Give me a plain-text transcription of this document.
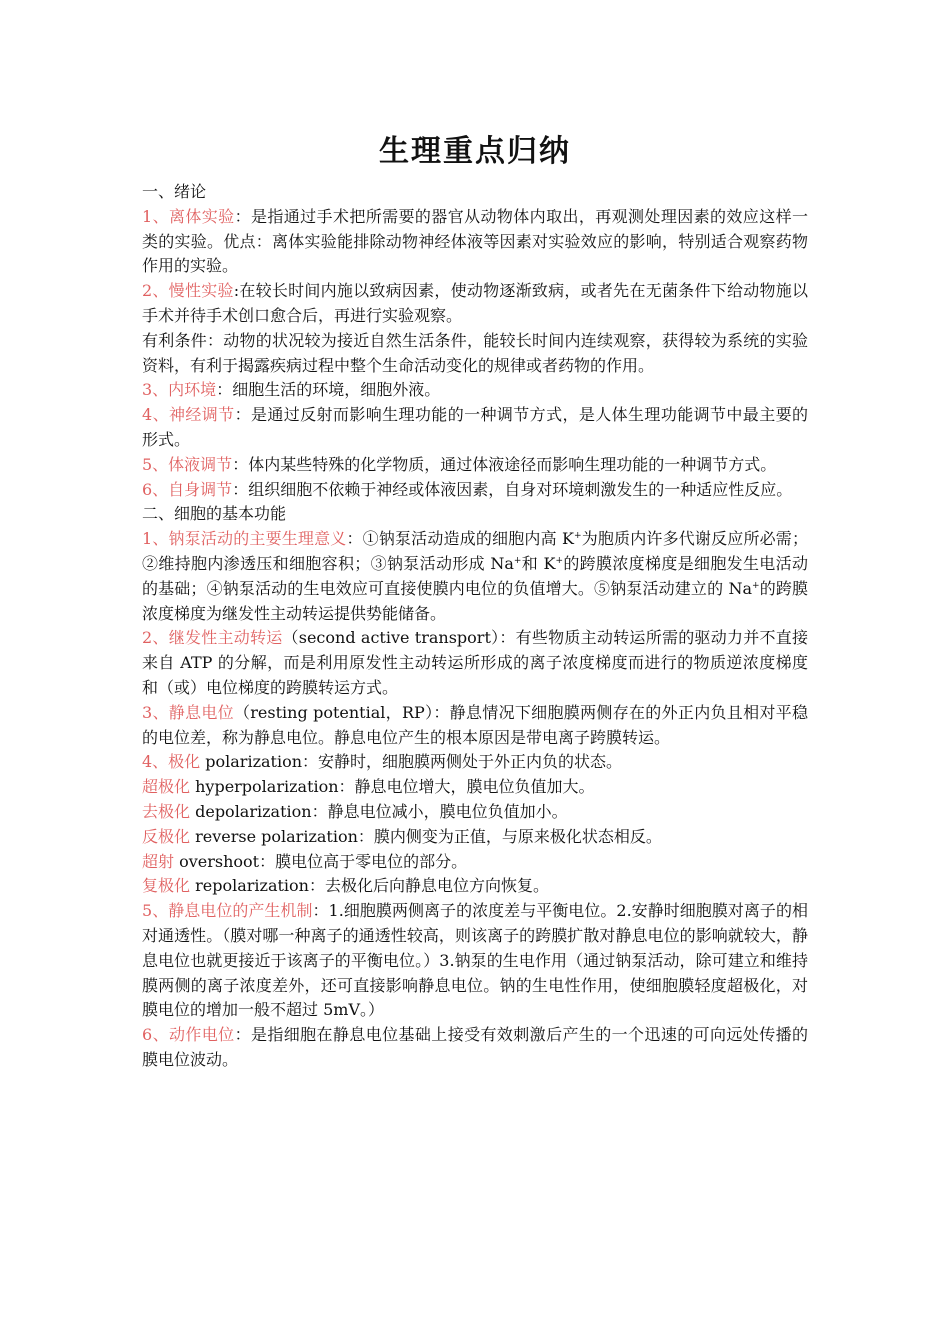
生理重点归纳

一、绪论

1、离体实验：是指通过手术把所需要的器官从动物体内取出，再观测处理因素的效应这样一类的实验。优点：离体实验能排除动物神经体液等因素对实验效应的影响，特别适合观察药物作用的实验。

2、慢性实验:在较长时间内施以致病因素，使动物逐渐致病，或者先在无菌条件下给动物施以手术并待手术创口愈合后，再进行实验观察。

有利条件：动物的状况较为接近自然生活条件，能较长时间内连续观察，获得较为系统的实验资料，有利于揭露疾病过程中整个生命活动变化的规律或者药物的作用。

3、内环境：细胞生活的环境，细胞外液。

4、神经调节：是通过反射而影响生理功能的一种调节方式，是人体生理功能调节中最主要的形式。

5、体液调节：体内某些特殊的化学物质，通过体液途径而影响生理功能的一种调节方式。

6、自身调节：组织细胞不依赖于神经或体液因素，自身对环境刺激发生的一种适应性反应。

二、细胞的基本功能

1、钠泵活动的主要生理意义：①钠泵活动造成的细胞内高 K+为胞质内许多代谢反应所必需；②维持胞内渗透压和细胞容积；③钠泵活动形成 Na+和 K+的跨膜浓度梯度是细胞发生电活动的基础；④钠泵活动的生电效应可直接使膜内电位的负值增大。⑤钠泵活动建立的 Na+的跨膜浓度梯度为继发性主动转运提供势能储备。

2、继发性主动转运（second active transport）：有些物质主动转运所需的驱动力并不直接来自 ATP 的分解，而是利用原发性主动转运所形成的离子浓度梯度而进行的物质逆浓度梯度和（或）电位梯度的跨膜转运方式。

3、静息电位（resting potential，RP）：静息情况下细胞膜两侧存在的外正内负且相对平稳的电位差，称为静息电位。静息电位产生的根本原因是带电离子跨膜转运。

4、极化 polarization：安静时，细胞膜两侧处于外正内负的状态。

超极化 hyperpolarization：静息电位增大，膜电位负值加大。

去极化 depolarization：静息电位减小，膜电位负值加小。

反极化 reverse polarization：膜内侧变为正值，与原来极化状态相反。

超射 overshoot：膜电位高于零电位的部分。

复极化 repolarization：去极化后向静息电位方向恢复。

5、静息电位的产生机制：1.细胞膜两侧离子的浓度差与平衡电位。2.安静时细胞膜对离子的相对通透性。（膜对哪一种离子的通透性较高，则该离子的跨膜扩散对静息电位的影响就较大，静息电位也就更接近于该离子的平衡电位。）3.钠泵的生电作用（通过钠泵活动，除可建立和维持膜两侧的离子浓度差外，还可直接影响静息电位。钠的生电性作用，使细胞膜轻度超极化，对膜电位的增加一般不超过 5mV。）

6、动作电位：是指细胞在静息电位基础上接受有效刺激后产生的一个迅速的可向远处传播的膜电位波动。
